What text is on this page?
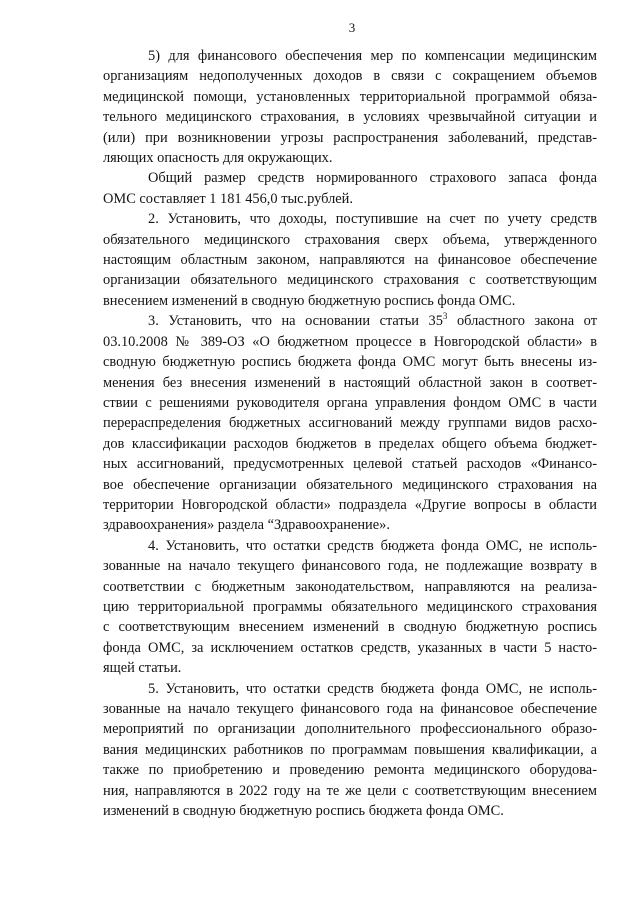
3
5) для финансового обеспечения мер по компенсации медицинским
организациям недополученных доходов в связи с сокращением объемов
медицинской помощи, установленных территориальной программой обяза-
тельного медицинского страхования, в условиях чрезвычайной ситуации и
(или) при возникновении угрозы распространения заболеваний, представ-
ляющих опасность для окружающих.
Общий размер средств нормированного страхового запаса фонда
ОМС составляет 1 181 456,0 тыс.рублей.
2. Установить, что доходы, поступившие на счет по учету средств
обязательного медицинского страхования сверх объема, утвержденного
настоящим областным законом, направляются на финансовое обеспечение
организации обязательного медицинского страхования с соответствующим
внесением изменений в сводную бюджетную роспись фонда ОМС.
3. Установить, что на основании статьи $35^3$ областного закона от
03.10.2008 № 389-ОЗ «О бюджетном процессе в Новгородской области» в
сводную бюджетную роспись бюджета фонда ОМС могут быть внесены из-
менения без внесения изменений в настоящий областной закон в соответ-
ствии с решениями руководителя органа управления фондом ОМС в части
перераспределения бюджетных ассигнований между группами видов расхо-
дов классификации расходов бюджетов в пределах общего объема бюджет-
ных ассигнований, предусмотренных целевой статьей расходов «Финансо-
вое обеспечение организации обязательного медицинского страхования на
территории Новгородской области» подраздела «Другие вопросы в области
здравоохранения» раздела “Здравоохранение».
4. Установить, что остатки средств бюджета фонда ОМС, не исполь-
зованные на начало текущего финансового года, не подлежащие возврату в
соответствии с бюджетным законодательством, направляются на реализа-
цию территориальной программы обязательного медицинского страхования
с соответствующим внесением изменений в сводную бюджетную роспись
фонда ОМС, за исключением остатков средств, указанных в части 5 насто-
ящей статьи.
5. Установить, что остатки средств бюджета фонда ОМС, не исполь-
зованные на начало текущего финансового года на финансовое обеспечение
мероприятий по организации дополнительного профессионального образо-
вания медицинских работников по программам повышения квалификации, а
также по приобретению и проведению ремонта медицинского оборудова-
ния, направляются в 2022 году на те же цели с соответствующим внесением
изменений в сводную бюджетную роспись бюджета фонда ОМС.
